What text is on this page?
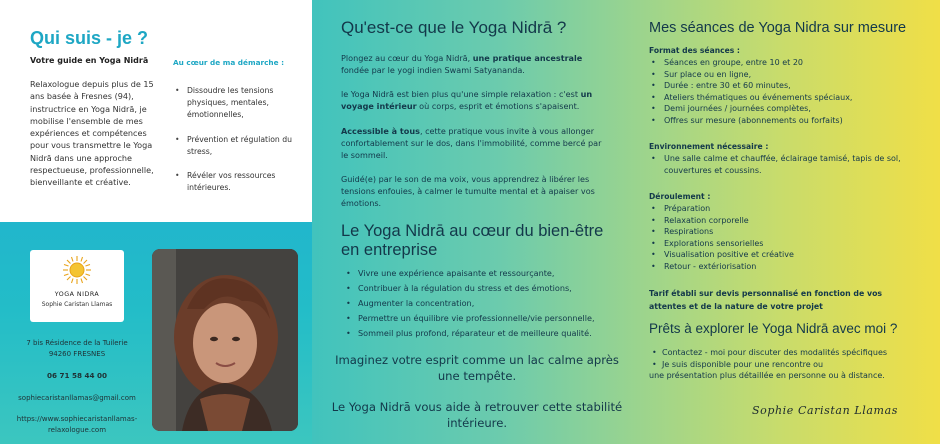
Qui suis - je ?
Votre guide en Yoga Nidrā
Relaxologue depuis plus de 15 ans basée à Fresnes (94), instructrice en Yoga Nidrā, je mobilise l'ensemble de mes expériences et compétences pour vous transmettre le Yoga Nidrā dans une approche respectueuse, professionnelle, bienveillante et créative.
Au cœur de ma démarche :
• Dissoudre les tensions physiques, mentales, émotionnelles,
• Prévention et régulation du stress,
• Révéler vos ressources intérieures.
YOGA NIDRA
Sophie Caristan Llamas
7 bis Résidence de la Tuilerie
94260 FRESNES
06 71 58 44 00
sophiecaristanllamas@gmail.com
https://www.sophiecaristanllamas-
relaxologue.com
Qu'est-ce que le Yoga Nidrā ?
Plongez au cœur du Yoga Nidrā, une pratique ancestrale fondée par le yogi indien Swami Satyananda.
le Yoga Nidrā est bien plus qu'une simple relaxation : c'est un voyage intérieur où corps, esprit et émotions s'apaisent.
Accessible à tous, cette pratique vous invite à vous allonger confortablement sur le dos, dans l'immobilité, comme bercé par le sommeil.
Guidé(e) par le son de ma voix, vous apprendrez à libérer les tensions enfouies, à calmer le tumulte mental et à apaiser vos émotions.
Le Yoga Nidrā au cœur du bien-être en entreprise
• Vivre une expérience apaisante et ressourçante,
• Contribuer à la régulation du stress et des émotions,
• Augmenter la concentration,
• Permettre un équilibre vie professionnelle/vie personnelle,
• Sommeil plus profond, réparateur et de meilleure qualité.
Imaginez votre esprit comme un lac calme après une tempête.
Le Yoga Nidrā vous aide à retrouver cette stabilité intérieure.
Mes séances de Yoga Nidra sur mesure
Format des séances :
• Séances en groupe, entre 10 et 20
• Sur place ou en ligne,
• Durée : entre 30 et 60 minutes,
• Ateliers thématiques ou événements spéciaux,
• Demi journées / journées complètes,
• Offres sur mesure (abonnements ou forfaits)
Environnement nécessaire :
• Une salle calme et chauffée, éclairage tamisé, tapis de sol, couvertures et coussins.
Déroulement :
• Préparation
• Relaxation corporelle
• Respirations
• Explorations sensorielles
• Visualisation positive et créative
• Retour - extériorisation
Tarif établi sur devis personnalisé en fonction de vos attentes et de la nature de votre projet
Prêts à explorer le Yoga Nidrā avec moi ?
• Contactez - moi pour discuter des modalités spécifiques
• Je suis disponible pour une rencontre ou
une présentation plus détaillée en personne ou à distance.
Sophie Caristan Llamas
